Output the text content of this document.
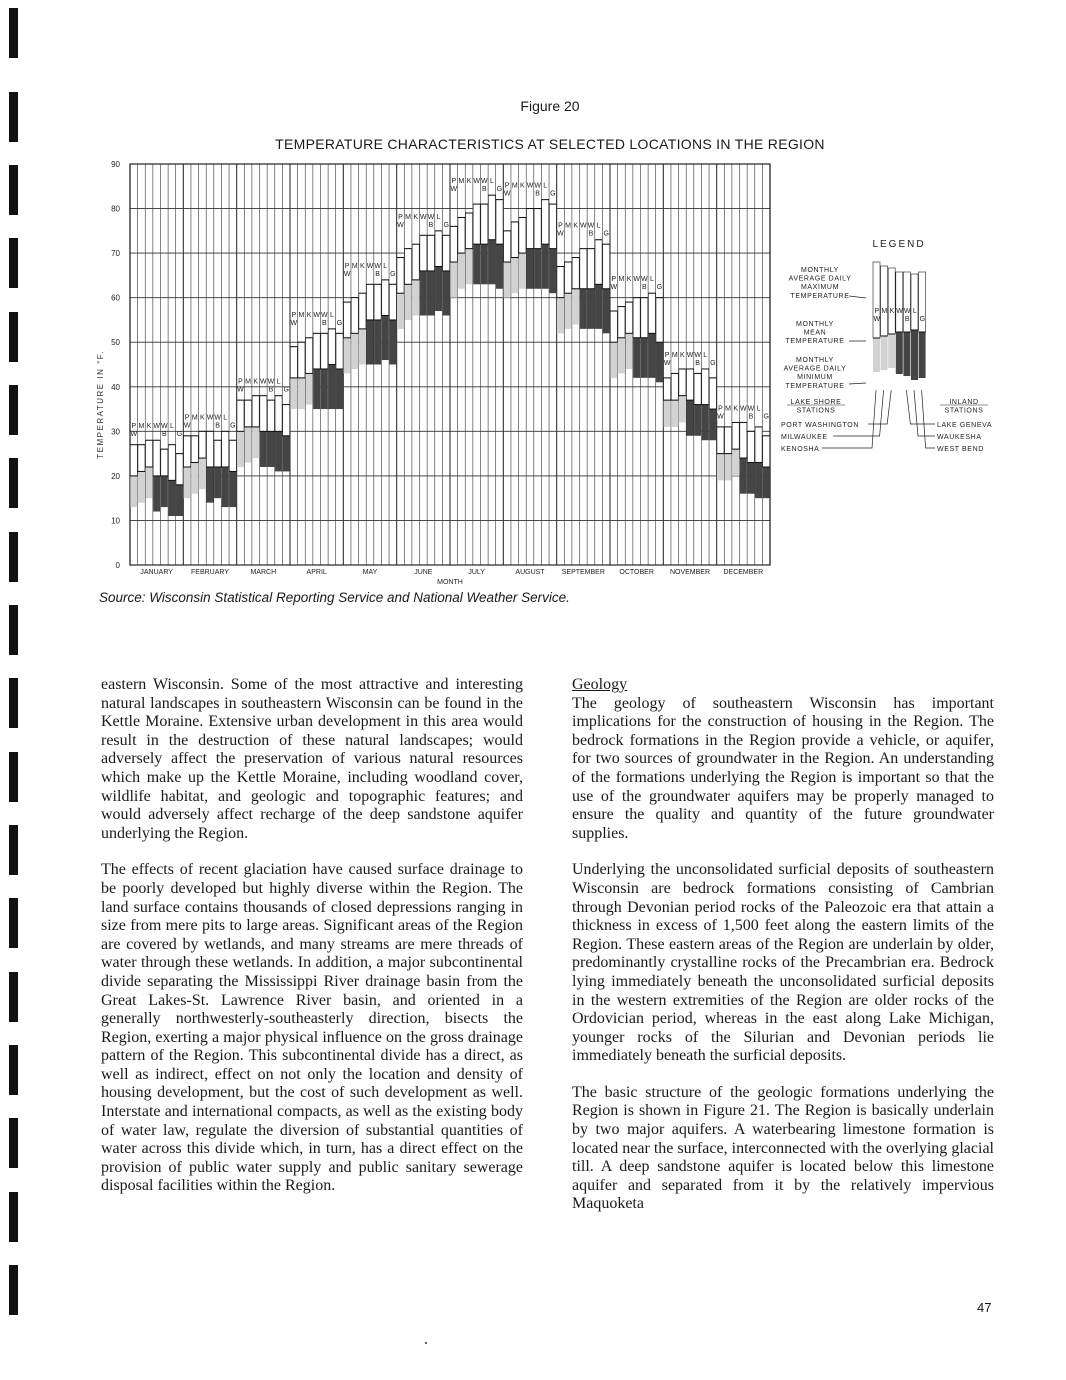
Figure 20
TEMPERATURE CHARACTERISTICS AT SELECTED LOCATIONS IN THE REGION
TEMPERATURE IN °F.
0
10
20
30
40
50
60
70
80
90
P
W
M K W W
B
L
G
JANUARY
P
W
M K W W
B
L
G
FEBRUARY
P
W
M K W W
B
L
G
MARCH
P
W
M K W W
B
L
G
APRIL
P
W
M K W W
B
L
G
MAY
P
W
M K W W
B
L
G
JUNE
P
W
M K W W
B
L
G
JULY
P
W
M K W W
B
L
G
AUGUST
P
W
M K W W
B
L
G
SEPTEMBER
P
W
M K W W
B
L
G
OCTOBER
P
W
M K W W
B
L
G
NOVEMBER
P
W
M K W W
B
L
G
DECEMBER
MONTH
LEGEND
P
W
M K W W
B
L
G
MONTHLY
AVERAGE DAILY
MAXIMUM
TEMPERATURE
MONTHLY
MEAN
TEMPERATURE
MONTHLY
AVERAGE DAILY
MINIMUM
TEMPERATURE
LAKE SHORE
STATIONS
INLAND
STATIONS
PORT WASHINGTON
MILWAUKEE
KENOSHA
LAKE GENEVA
WAUKESHA
WEST BEND
Source: Wisconsin Statistical Reporting Service and National Weather Service.

eastern Wisconsin. Some of the most attractive and interesting natural landscapes in southeastern Wisconsin can be found in the Kettle Moraine. Extensive urban development in this area would result in the destruction of these natural landscapes; would adversely affect the preservation of various natural resources which make up the Kettle Moraine, including woodland cover, wildlife habitat, and geologic and topographic features; and would adversely affect recharge of the deep sandstone aquifer underlying the Region.

The effects of recent glaciation have caused surface drainage to be poorly developed but highly diverse within the Region. The land surface contains thousands of closed depressions ranging in size from mere pits to large areas. Significant areas of the Region are covered by wetlands, and many streams are mere threads of water through these wetlands. In addition, a major subcontinental divide separating the Mississippi River drainage basin from the Great Lakes-St. Lawrence River basin, and oriented in a generally northwesterly-southeasterly direction, bisects the Region, exerting a major physical influence on the gross drainage pattern of the Region. This subcontinental divide has a direct, as well as indirect, effect on not only the location and density of housing development, but the cost of such development as well. Interstate and international compacts, as well as the existing body of water law, regulate the diversion of substantial quantities of water across this divide which, in turn, has a direct effect on the provision of public water supply and public sanitary sewerage disposal facilities within the Region.

Geology

The geology of southeastern Wisconsin has important implications for the construction of housing in the Region. The bedrock formations in the Region provide a vehicle, or aquifer, for two sources of groundwater in the Region. An understanding of the formations underlying the Region is important so that the use of the groundwater aquifers may be properly managed to ensure the quality and quantity of the future groundwater supplies.

Underlying the unconsolidated surficial deposits of southeastern Wisconsin are bedrock formations consisting of Cambrian through Devonian period rocks of the Paleozoic era that attain a thickness in excess of 1,500 feet along the eastern limits of the Region. These eastern areas of the Region are underlain by older, predominantly crystalline rocks of the Precambrian era. Bedrock lying immediately beneath the unconsolidated surficial deposits in the western extremities of the Region are older rocks of the Ordovician period, whereas in the east along Lake Michigan, younger rocks of the Silurian and Devonian periods lie immediately beneath the surficial deposits.

The basic structure of the geologic formations underlying the Region is shown in Figure 21. The Region is basically underlain by two major aquifers. A waterbearing limestone formation is located near the surface, interconnected with the overlying glacial till. A deep sandstone aquifer is located below this limestone aquifer and separated from it by the relatively impervious Maquoketa

47
